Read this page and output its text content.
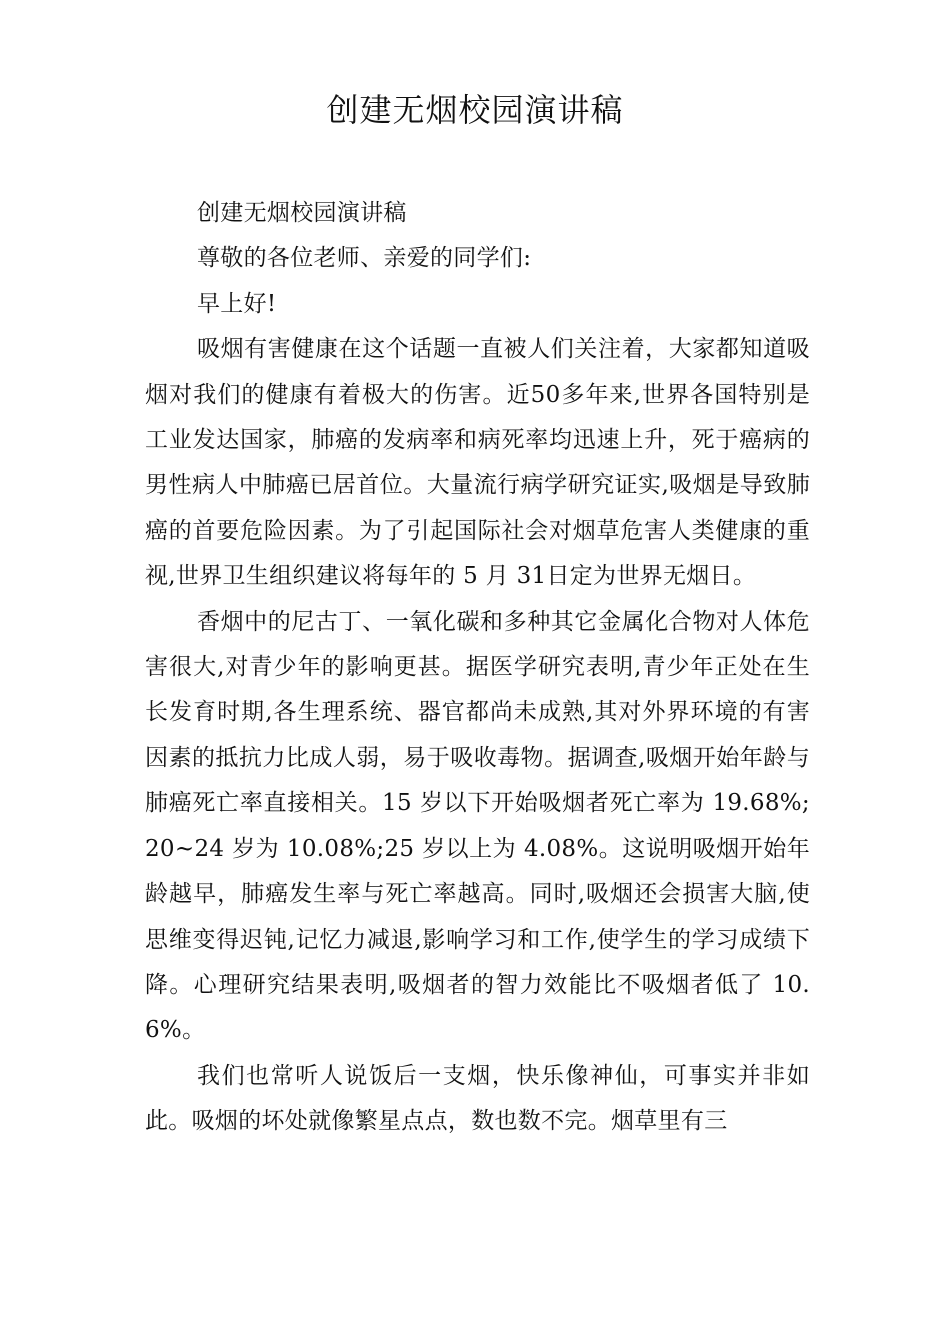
创建无烟校园演讲稿

创建无烟校园演讲稿

尊敬的各位老师、亲爱的同学们:

早上好!

吸烟有害健康在这个话题一直被人们关注着，大家都知道吸烟对我们的健康有着极大的伤害。近50多年来,世界各国特别是工业发达国家，肺癌的发病率和病死率均迅速上升，死于癌病的男性病人中肺癌已居首位。大量流行病学研究证实,吸烟是导致肺癌的首要危险因素。为了引起国际社会对烟草危害人类健康的重视,世界卫生组织建议将每年的 5 月 31日定为世界无烟日。

香烟中的尼古丁、一氧化碳和多种其它金属化合物对人体危害很大,对青少年的影响更甚。据医学研究表明,青少年正处在生长发育时期,各生理系统、器官都尚未成熟,其对外界环境的有害因素的抵抗力比成人弱，易于吸收毒物。据调查,吸烟开始年龄与肺癌死亡率直接相关。15 岁以下开始吸烟者死亡率为 19.68%;20~24 岁为 10.08%;25 岁以上为 4.08%。这说明吸烟开始年龄越早，肺癌发生率与死亡率越高。同时,吸烟还会损害大脑,使思维变得迟钝,记忆力减退,影响学习和工作,使学生的学习成绩下降。心理研究结果表明,吸烟者的智力效能比不吸烟者低了 10.6%。

我们也常听人说饭后一支烟，快乐像神仙，可事实并非如此。吸烟的坏处就像繁星点点，数也数不完。烟草里有三
